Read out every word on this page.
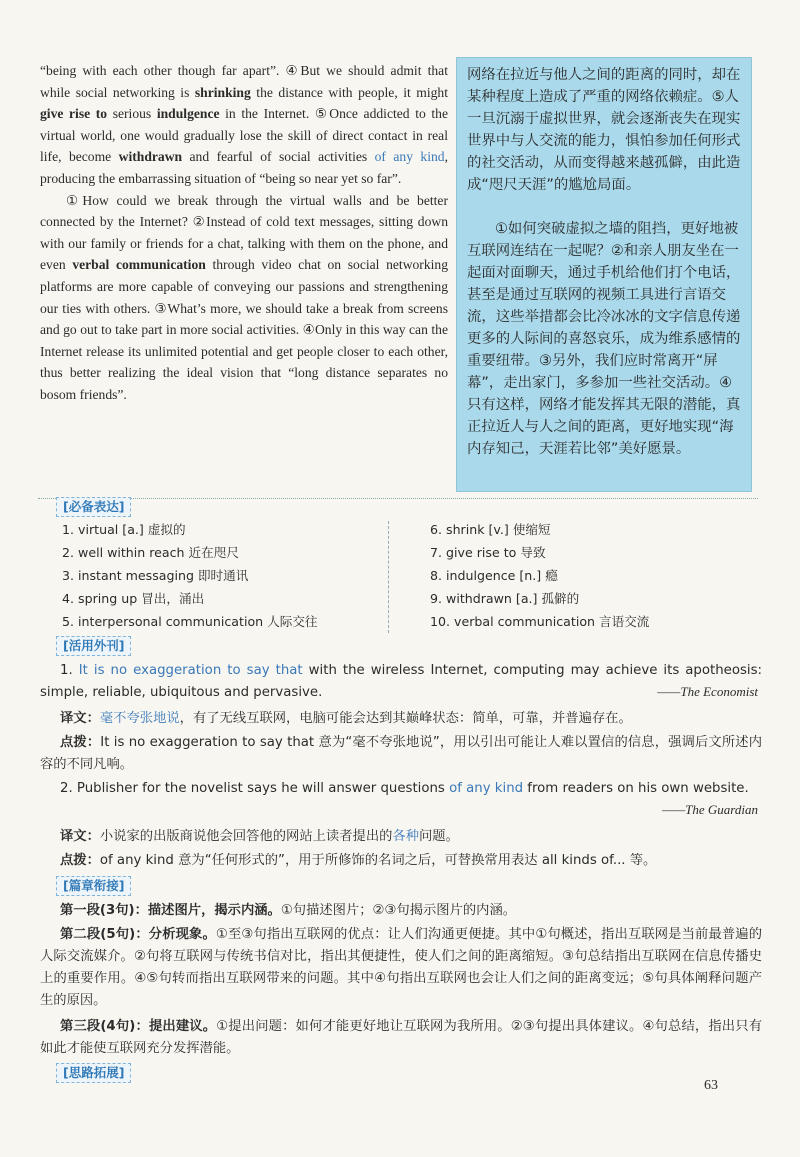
“being with each other though far apart”. ④But we should admit that while social networking is shrinking the distance with people, it might give rise to serious indulgence in the Internet. ⑤Once addicted to the virtual world, one would gradually lose the skill of direct contact in real life, become withdrawn and fearful of social activities of any kind, producing the embarrassing situation of “being so near yet so far”.

①How could we break through the virtual walls and be better connected by the Internet? ②Instead of cold text messages, sitting down with our family or friends for a chat, talking with them on the phone, and even verbal communication through video chat on social networking platforms are more capable of conveying our passions and strengthening our ties with others. ③What’s more, we should take a break from screens and go out to take part in more social activities. ④Only in this way can the Internet release its unlimited potential and get people closer to each other, thus better realizing the ideal vision that “long distance separates no bosom friends”.

网络在拉近与他人之间的距离的同时，却在某种程度上造成了严重的网络依赖症。⑤人一旦沉溺于虚拟世界，就会逐渐丧失在现实世界中与人交流的能力，惧怕参加任何形式的社交活动，从而变得越来越孤僻，由此造成“咫尺天涯”的尴尬局面。

①如何突破虚拟之墙的阻挡，更好地被互联网连结在一起呢？②和亲人朋友坐在一起面对面聊天，通过手机给他们打个电话，甚至是通过互联网的视频工具进行言语交流，这些举措都会比冷冰冰的文字信息传递更多的人际间的喜怒哀乐，成为维系感情的重要纽带。③另外，我们应时常离开“屏幕”，走出家门，多参加一些社交活动。④只有这样，网络才能发挥其无限的潜能，真正拉近人与人之间的距离，更好地实现“海内存知己，天涯若比邻”美好愿景。

[必备表达]
1. virtual [a.] 虚拟的
2. well within reach 近在咫尺
3. instant messaging 即时通讯
4. spring up 冒出，涌出
5. interpersonal communication 人际交往
6. shrink [v.] 使缩短
7. give rise to 导致
8. indulgence [n.] 瘾
9. withdrawn [a.] 孤僻的
10. verbal communication 言语交流
[活用外刊]

1. It is no exaggeration to say that with the wireless Internet, computing may achieve its apotheosis: simple, reliable, ubiquitous and pervasive.	——The Economist

译文：毫不夸张地说，有了无线互联网，电脑可能会达到其巅峰状态：简单，可靠，并普遍存在。

点拨：It is no exaggeration to say that 意为“毫不夸张地说”，用以引出可能让人难以置信的信息，强调后文所述内容的不同凡响。

2. Publisher for the novelist says he will answer questions of any kind from readers on his own website.

——The Guardian

译文：小说家的出版商说他会回答他的网站上读者提出的各种问题。

点拨：of any kind 意为“任何形式的”，用于所修饰的名词之后，可替换常用表达 all kinds of... 等。

[篇章衔接]

第一段(3句)：描述图片，揭示内涵。①句描述图片；②③句揭示图片的内涵。

第二段(5句)：分析现象。①至③句指出互联网的优点：让人们沟通更便捷。其中①句概述，指出互联网是当前最普遍的人际交流媒介。②句将互联网与传统书信对比，指出其便捷性，使人们之间的距离缩短。③句总结指出互联网在信息传播史上的重要作用。④⑤句转而指出互联网带来的问题。其中④句指出互联网也会让人们之间的距离变远；⑤句具体阐释问题产生的原因。

第三段(4句)：提出建议。①提出问题：如何才能更好地让互联网为我所用。②③句提出具体建议。④句总结，指出只有如此才能使互联网充分发挥潜能。

[思路拓展]
63
